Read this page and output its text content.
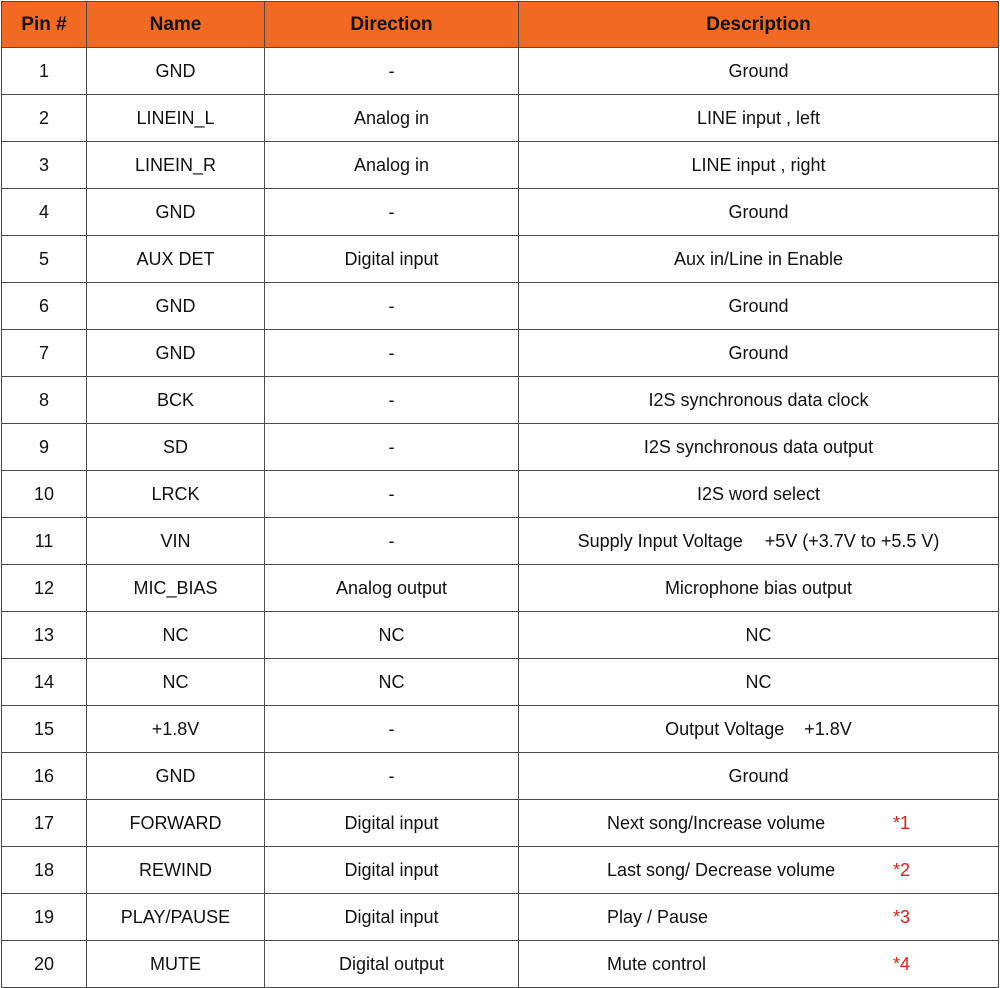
Pin #	Name	Direction	Description
1	GND	-	Ground
2	LINEIN_L	Analog in	LINE input , left
3	LINEIN_R	Analog in	LINE input , right
4	GND	-	Ground
5	AUX DET	Digital input	Aux in/Line in Enable
6	GND	-	Ground
7	GND	-	Ground
8	BCK	-	I2S synchronous data clock
9	SD	-	I2S synchronous data output
10	LRCK	-	I2S word select
11	VIN	-	Supply Input Voltage +5V (+3.7V to +5.5 V)
12	MIC_BIAS	Analog output	Microphone bias output
13	NC	NC	NC
14	NC	NC	NC
15	+1.8V	-	Output Voltage +1.8V
16	GND	-	Ground
17	FORWARD	Digital input	Next song/Increase volume *1

18	REWIND	Digital input	Last song/ Decrease volume *2

19	PLAY/PAUSE	Digital input	Play / Pause *3

20	MUTE	Digital output	Mute control *4
